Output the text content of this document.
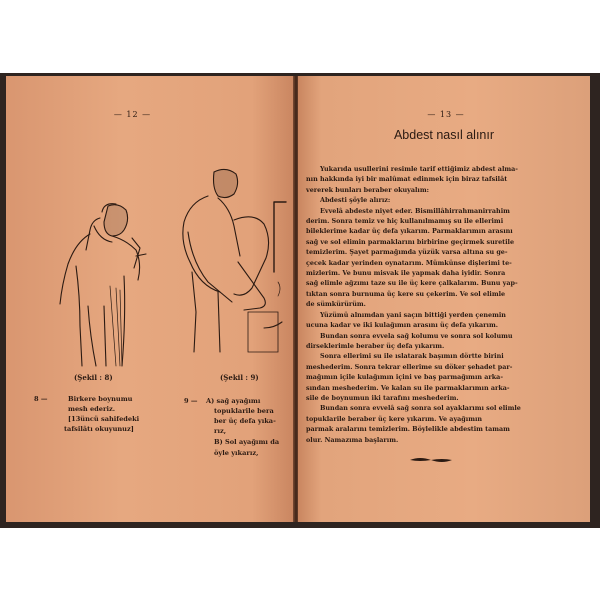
— 12 —
(Şekil : 8)	(Şekil : 9)
8 —	Birkere boynumu
mesh ederiz.
[13üncü sahifedeki
tafsilâtı okuyunuz]
9 — A) sağ ayağımı
topuklarile bera
ber üç defa yıka-
rız,
B) Sol ayağımı da
öyle yıkarız,
— 13 —
Abdest nasıl alınır

Yukarıda usullerini resimle tarif ettiğimiz abdest alma-

nın hakkında iyi bir malûmat edinmek için biraz tafsilât

vererek bunları beraber okuyalım:

Abdesti şöyle alırız:

Evvelâ abdeste niyet eder. Bismillâhirrahmanirrahim

derim. Sonra temiz ve hiç kullanılmamış su ile ellerimi

bileklerime kadar üç defa yıkarım. Parmaklarımın arasını

sağ ve sol elimin parmaklarını birbirine geçirmek suretile

temizlerim. Şayet parmağımda yüzük varsa altına su ge-

çecek kadar yerinden oynatarım. Mümkünse dişlerimi te-

mizlerim. Ve bunu misvak ile yapmak daha iyidir. Sonra

sağ elimle ağzımı taze su ile üç kere çalkalarım. Bunu yap-

tıktan sonra burnuma üç kere su çekerim. Ve sol elimle

de sümkürürüm.

Yüzümü alnımdan yani saçın bittiği yerden çenemin

ucuna kadar ve iki kulağımın arasını üç defa yıkarım.

Bundan sonra evvela sağ kolumu ve sonra sol kolumu

dirseklerimle beraber üç defa yıkarım.

Sonra ellerimi su ile ıslatarak başımın dörtte birini

meshederim. Sonra tekrar ellerime su döker şehadet par-

mağımın içile kulağımın içini ve baş parmağımın arka-

sından meshederim. Ve kalan su ile parmaklarımın arka-

sile de boynumun iki tarafını meshederim.

Bundan sonra evvelâ sağ sonra sol ayaklarımı sol elimle

topuklarile beraber üç kere yıkarım. Ve ayağımın

parmak aralarını temizlerim. Böylelikle abdestim tamam

olur. Namazıma başlarım.
